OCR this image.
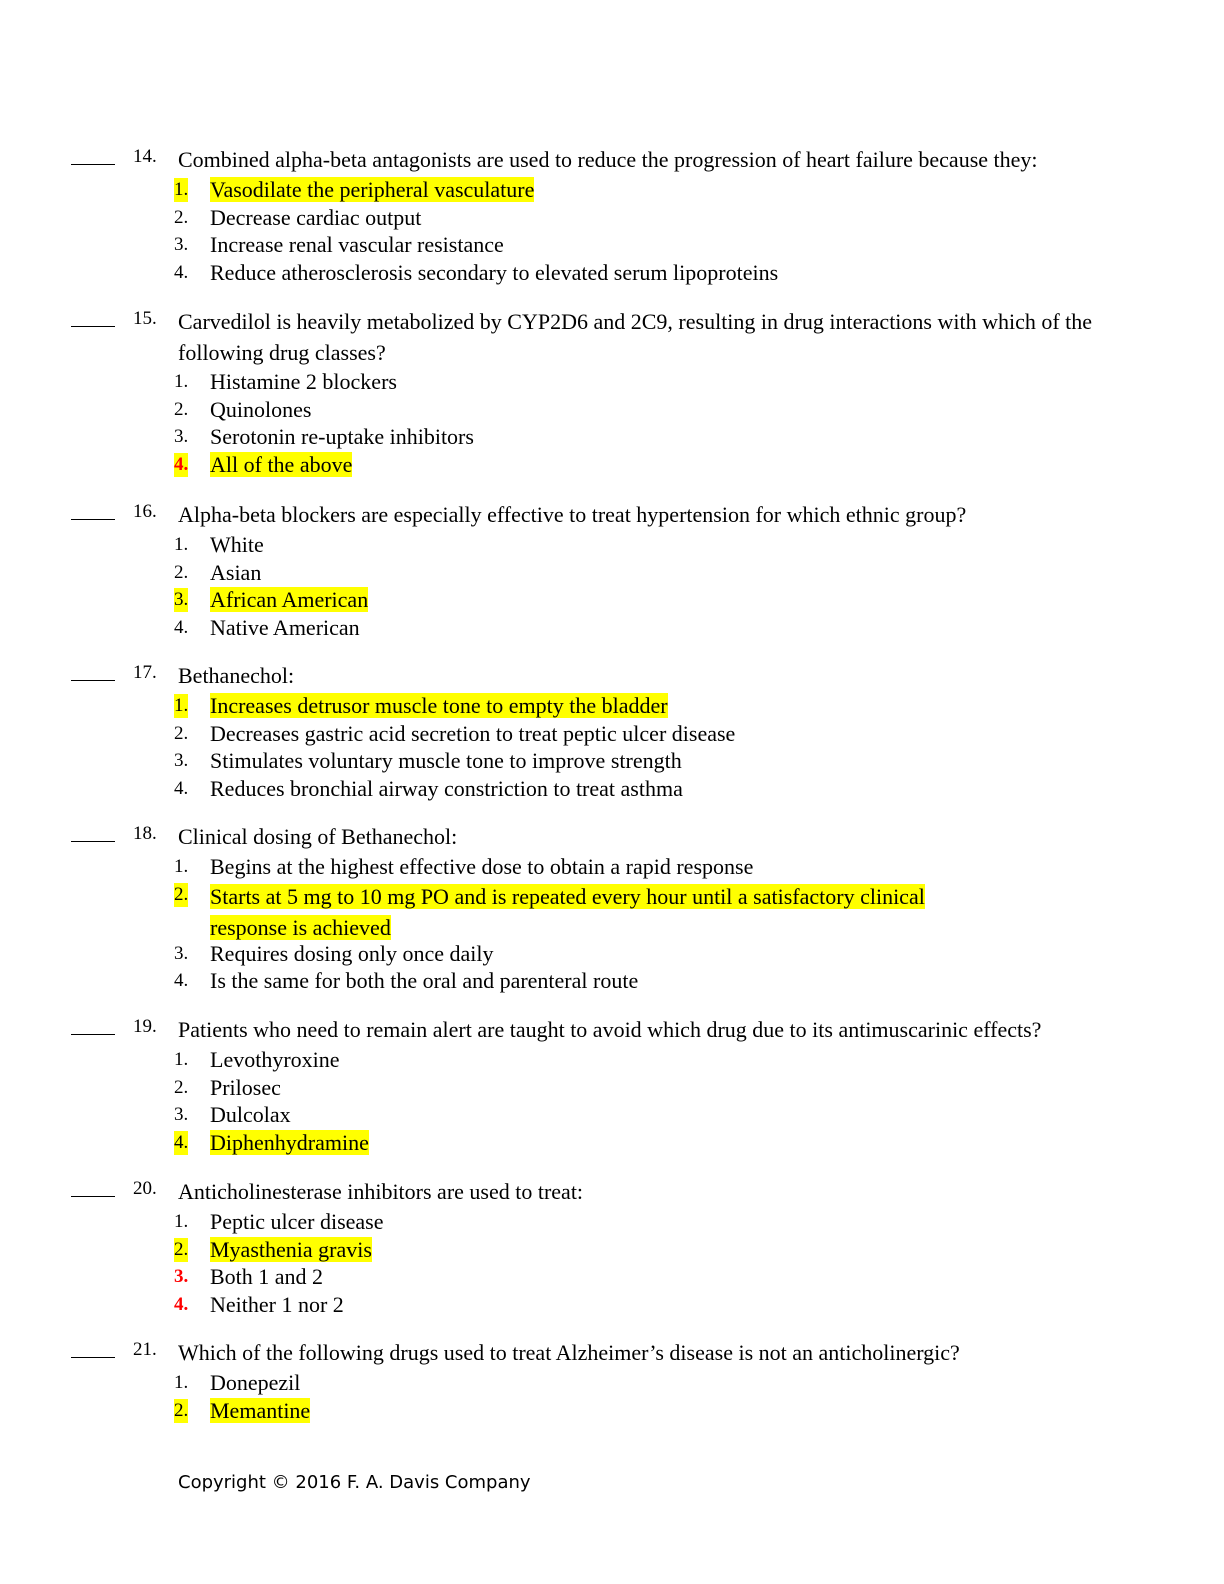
14. Combined alpha-beta antagonists are used to reduce the progression of heart failure because they:
1. Vasodilate the peripheral vasculature
2. Decrease cardiac output
3. Increase renal vascular resistance
4. Reduce atherosclerosis secondary to elevated serum lipoproteins
15. Carvedilol is heavily metabolized by CYP2D6 and 2C9, resulting in drug interactions with which of the following drug classes?
1. Histamine 2 blockers
2. Quinolones
3. Serotonin re-uptake inhibitors
4. All of the above
16. Alpha-beta blockers are especially effective to treat hypertension for which ethnic group?
1. White
2. Asian
3. African American
4. Native American
17. Bethanechol:
1. Increases detrusor muscle tone to empty the bladder
2. Decreases gastric acid secretion to treat peptic ulcer disease
3. Stimulates voluntary muscle tone to improve strength
4. Reduces bronchial airway constriction to treat asthma
18. Clinical dosing of Bethanechol:
1. Begins at the highest effective dose to obtain a rapid response
2. Starts at 5 mg to 10 mg PO and is repeated every hour until a satisfactory clinical
response is achieved
3. Requires dosing only once daily
4. Is the same for both the oral and parenteral route
19. Patients who need to remain alert are taught to avoid which drug due to its antimuscarinic effects?
1. Levothyroxine
2. Prilosec
3. Dulcolax
4. Diphenhydramine
20. Anticholinesterase inhibitors are used to treat:
1. Peptic ulcer disease
2. Myasthenia gravis
3. Both 1 and 2
4. Neither 1 nor 2
21. Which of the following drugs used to treat Alzheimer’s disease is not an anticholinergic?
1. Donepezil
2. Memantine
Copyright © 2016 F. A. Davis Company
